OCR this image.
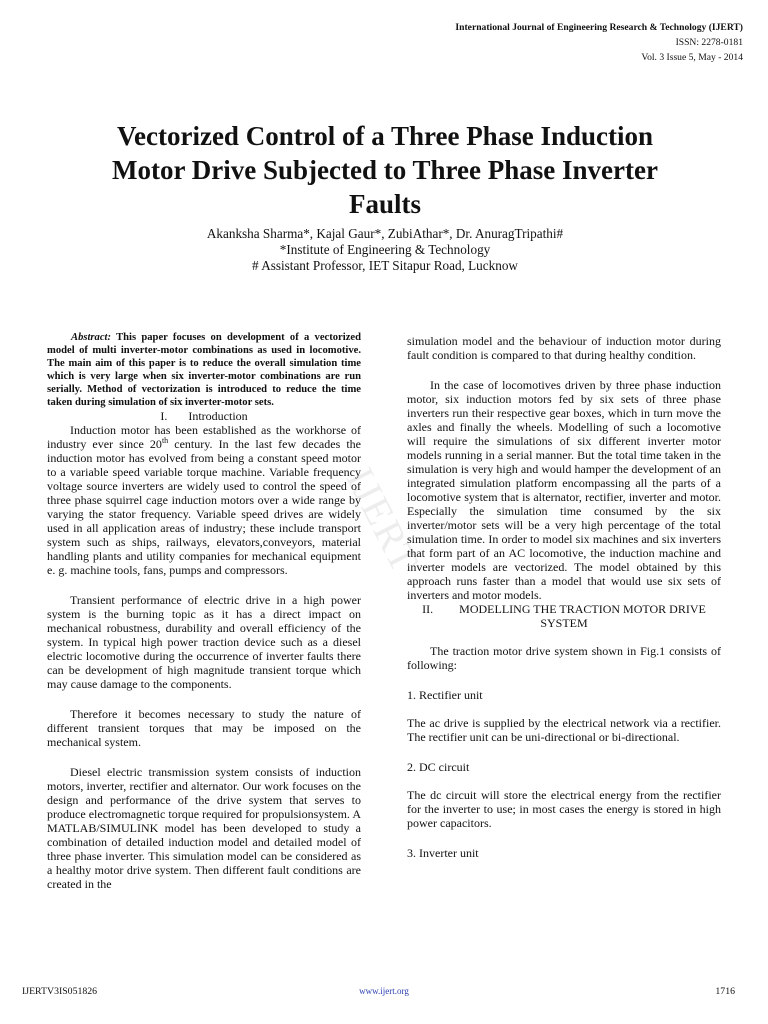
International Journal of Engineering Research & Technology (IJERT)
ISSN: 2278-0181
Vol. 3 Issue 5, May - 2014
Vectorized Control of a Three Phase Induction
Motor Drive Subjected to Three Phase Inverter
Faults
Akanksha Sharma*, Kajal Gaur*, ZubiAthar*, Dr. AnuragTripathi#
*Institute of Engineering & Technology
# Assistant Professor, IET Sitapur Road, Lucknow
IJERT

Abstract: This paper focuses on development of a vectorized model of multi inverter-motor combinations as used in locomotive. The main aim of this paper is to reduce the overall simulation time which is very large when six inverter-motor combinations are run serially. Method of vectorization is introduced to reduce the time taken during simulation of six inverter-motor sets.

I. Introduction

Induction motor has been established as the workhorse of industry ever since 20th century. In the last few decades the induction motor has evolved from being a constant speed motor to a variable speed variable torque machine. Variable frequency voltage source inverters are widely used to control the speed of three phase squirrel cage induction motors over a wide range by varying the stator frequency. Variable speed drives are widely used in all application areas of industry; these include transport system such as ships, railways, elevators,conveyors, material handling plants and utility companies for mechanical equipment e. g. machine tools, fans, pumps and compressors.

Transient performance of electric drive in a high power system is the burning topic as it has a direct impact on mechanical robustness, durability and overall efficiency of the system. In typical high power traction device such as a diesel electric locomotive during the occurrence of inverter faults there can be development of high magnitude transient torque which may cause damage to the components.

Therefore it becomes necessary to study the nature of different transient torques that may be imposed on the mechanical system.

Diesel electric transmission system consists of induction motors, inverter, rectifier and alternator. Our work focuses on the design and performance of the drive system that serves to produce electromagnetic torque required for propulsionsystem. A MATLAB/SIMULINK model has been developed to study a combination of detailed induction model and detailed model of three phase inverter. This simulation model can be considered as a healthy motor drive system. Then different fault conditions are created in the

simulation model and the behaviour of induction motor during fault condition is compared to that during healthy condition.

In the case of locomotives driven by three phase induction motor, six induction motors fed by six sets of three phase inverters run their respective gear boxes, which in turn move the axles and finally the wheels. Modelling of such a locomotive will require the simulations of six different inverter motor models running in a serial manner. But the total time taken in the simulation is very high and would hamper the development of an integrated simulation platform encompassing all the parts of a locomotive system that is alternator, rectifier, inverter and motor. Especially the simulation time consumed by the six inverter/motor sets will be a very high percentage of the total simulation time. In order to model six machines and six inverters that form part of an AC locomotive, the induction machine and inverter models are vectorized. The model obtained by this approach runs faster than a model that would use six sets of inverters and motor models.

II. MODELLING THE TRACTION MOTOR DRIVE
SYSTEM

The traction motor drive system shown in Fig.1 consists of following:

1. Rectifier unit

The ac drive is supplied by the electrical network via a rectifier. The rectifier unit can be uni-directional or bi-directional.

2. DC circuit

The dc circuit will store the electrical energy from the rectifier for the inverter to use; in most cases the energy is stored in high power capacitors.

3. Inverter unit

IJERTV3IS051826	www.ijert.org	1716
